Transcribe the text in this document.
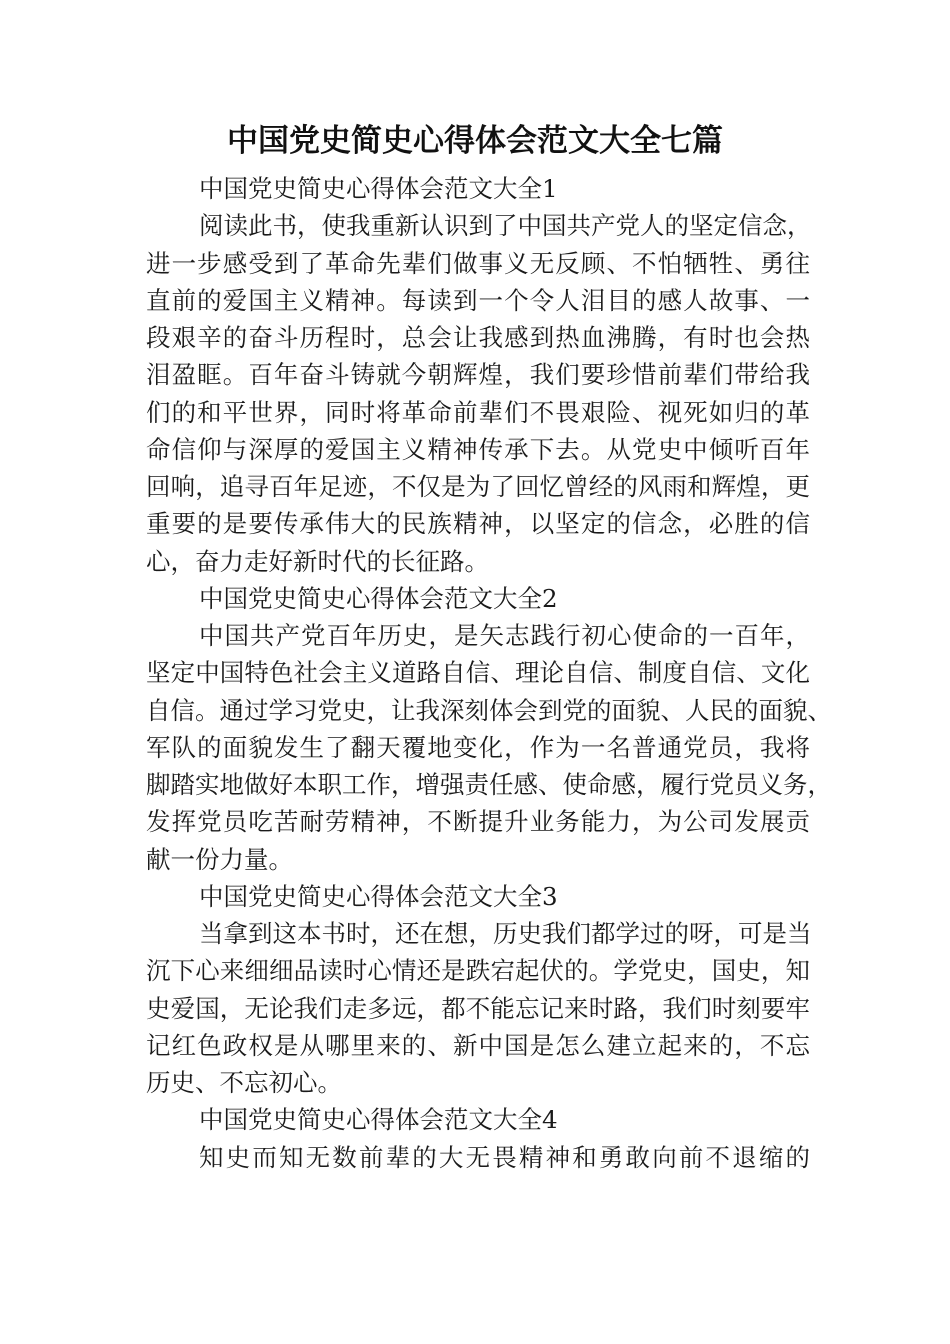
中国党史简史心得体会范文大全七篇
中国党史简史心得体会范文大全1
阅读此书，使我重新认识到了中国共产党人的坚定信念，
进一步感受到了革命先辈们做事义无反顾、不怕牺牲、勇往
直前的爱国主义精神。每读到一个令人泪目的感人故事、一
段艰辛的奋斗历程时，总会让我感到热血沸腾，有时也会热
泪盈眶。百年奋斗铸就今朝辉煌，我们要珍惜前辈们带给我
们的和平世界，同时将革命前辈们不畏艰险、视死如归的革
命信仰与深厚的爱国主义精神传承下去。从党史中倾听百年
回响，追寻百年足迹，不仅是为了回忆曾经的风雨和辉煌，更
重要的是要传承伟大的民族精神，以坚定的信念，必胜的信
心，奋力走好新时代的长征路。
中国党史简史心得体会范文大全2
中国共产党百年历史，是矢志践行初心使命的一百年，
坚定中国特色社会主义道路自信、理论自信、制度自信、文化
自信。通过学习党史，让我深刻体会到党的面貌、人民的面貌、
军队的面貌发生了翻天覆地变化，作为一名普通党员，我将
脚踏实地做好本职工作，增强责任感、使命感，履行党员义务，
发挥党员吃苦耐劳精神，不断提升业务能力，为公司发展贡
献一份力量。
中国党史简史心得体会范文大全3
当拿到这本书时，还在想，历史我们都学过的呀，可是当
沉下心来细细品读时心情还是跌宕起伏的。学党史，国史，知
史爱国，无论我们走多远，都不能忘记来时路，我们时刻要牢
记红色政权是从哪里来的、新中国是怎么建立起来的，不忘
历史、不忘初心。
中国党史简史心得体会范文大全4
知史而知无数前辈的大无畏精神和勇敢向前不退缩的
